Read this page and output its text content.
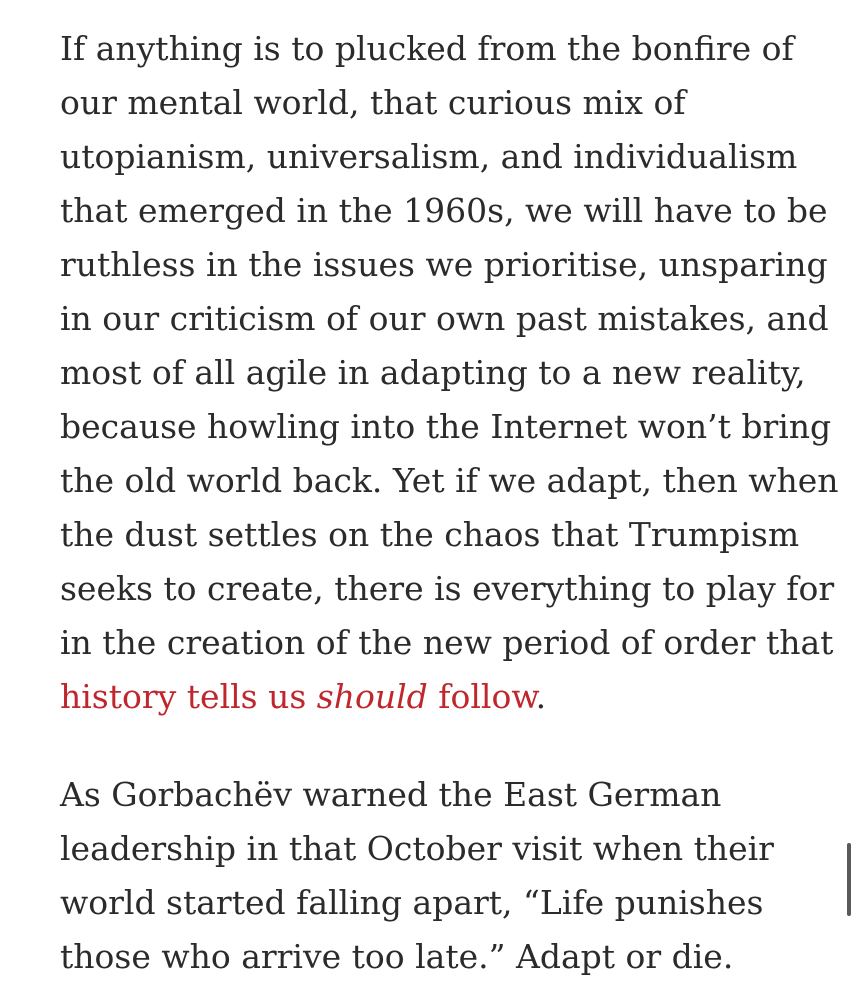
If anything is to plucked from the bonfire of
our mental world, that curious mix of
utopianism, universalism, and individualism
that emerged in the 1960s, we will have to be
ruthless in the issues we prioritise, unsparing
in our criticism of our own past mistakes, and
most of all agile in adapting to a new reality,
because howling into the Internet won’t bring
the old world back. Yet if we adapt, then when
the dust settles on the chaos that Trumpism
seeks to create, there is everything to play for
in the creation of the new period of order that
history tells us should follow.

As Gorbachëv warned the East German
leadership in that October visit when their
world started falling apart, “Life punishes
those who arrive too late.” Adapt or die.
